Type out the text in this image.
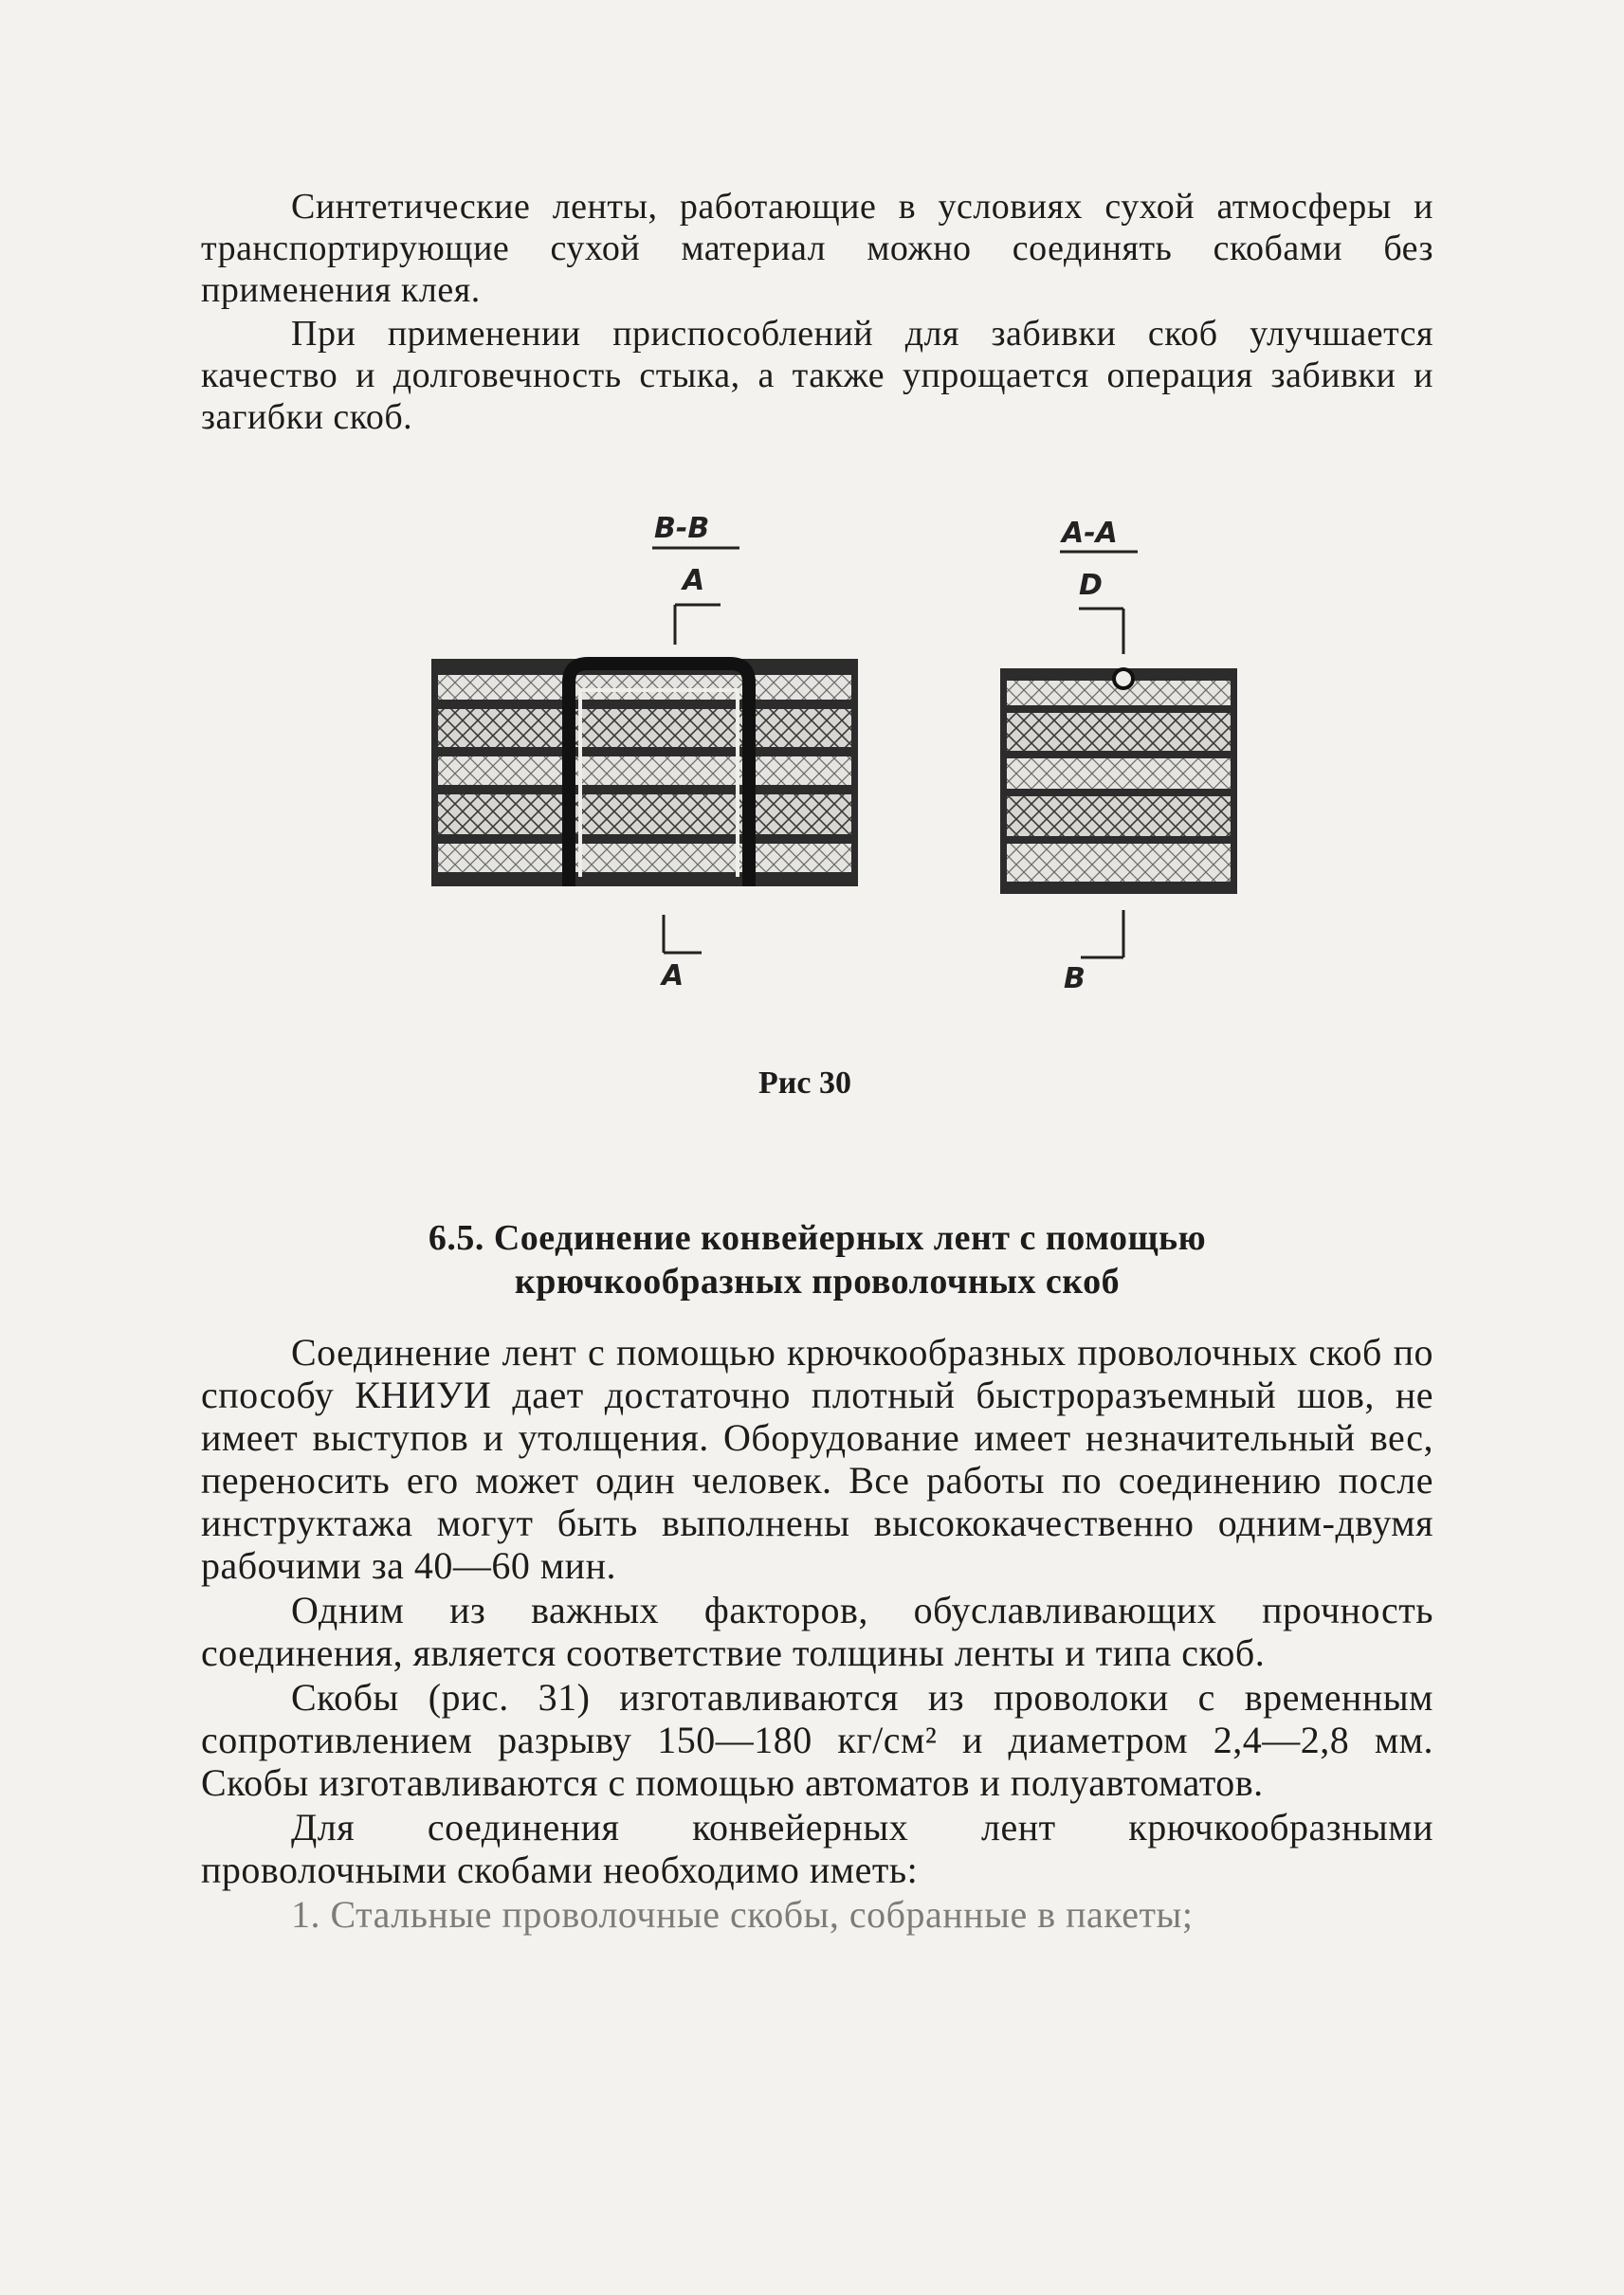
Синтетические ленты, работающие в условиях сухой атмосферы и транспортирующие сухой материал можно соединять скобами без применения клея.

При применении приспособлений для забивки скоб улучшается качество и долговечность стыка, а также упрощается операция забивки и загибки скоб.

B-B	A-A
A
A
D
B
Рис 30
6.5. Соединение конвейерных лент с помощью
крючкообразных проволочных скоб

Соединение лент с помощью крючкообразных проволочных скоб по способу КНИУИ дает достаточно плотный быстроразъемный шов, не имеет выступов и утолщения. Оборудование имеет незначительный вес, переносить его может один человек. Все работы по соединению после инструктажа могут быть выполнены высококачественно одним-двумя рабочими за 40—60 мин.

Одним из важных факторов, обуславливающих прочность соединения, является соответствие толщины ленты и типа скоб.

Скобы (рис. 31) изготавливаются из проволоки с временным сопротивлением разрыву 150—180 кг/см² и диаметром 2,4—2,8 мм. Скобы изготавливаются с помощью автоматов и полуавтоматов.

Для соединения конвейерных лент крючкообразными проволочными скобами необходимо иметь:

1. Стальные проволочные скобы, собранные в пакеты;
